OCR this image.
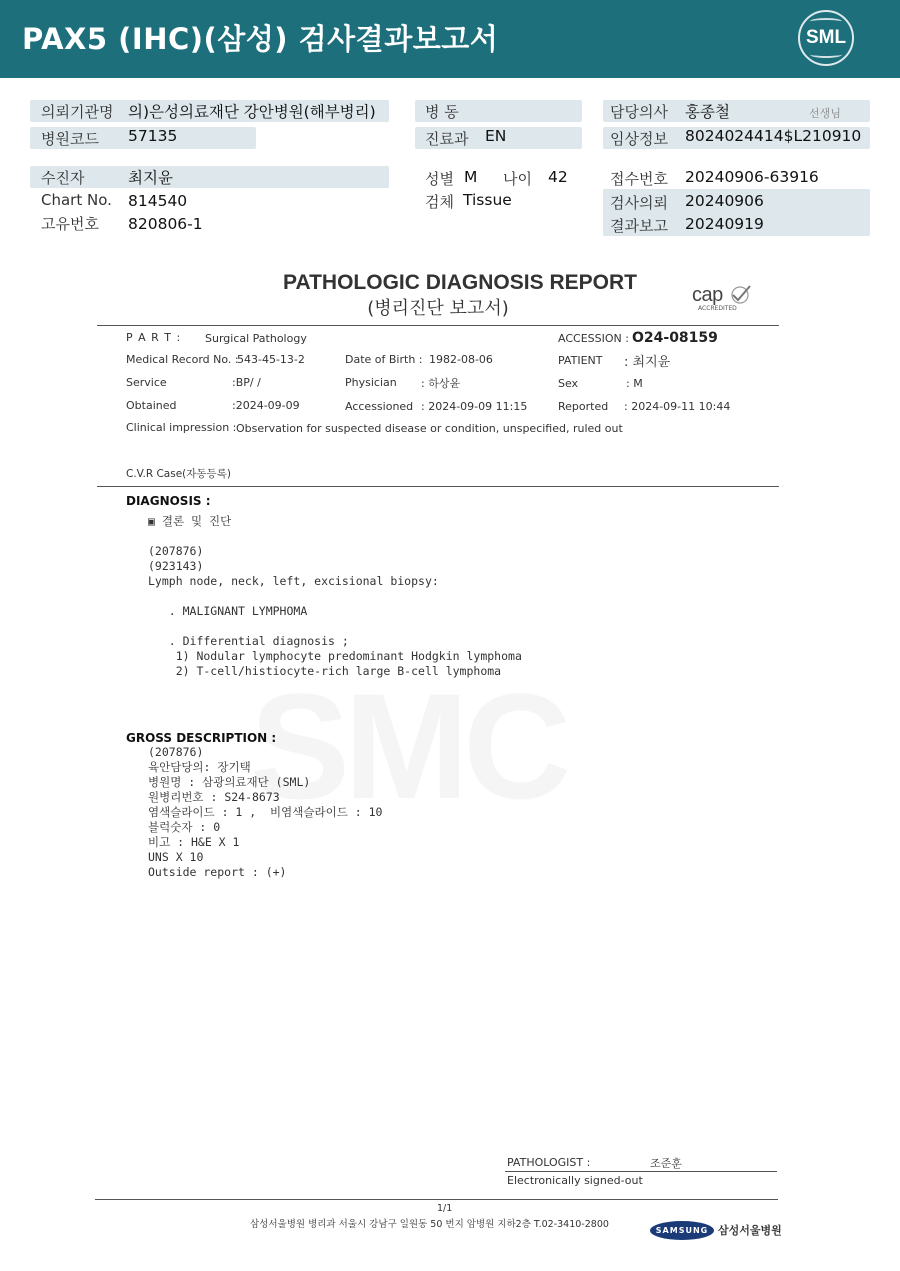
PAX5 (IHC)(삼성) 검사결과보고서	SML
의뢰기관명 의)은성의료재단 강안병원(해부병리)
병원코드 57135
병 동
진료과 EN
담당의사 홍종철	선생님
임상정보 8024024414$L210910
수진자	최지윤
Chart No. 814540
고유번호 820806-1
성별 M 나이 42
검체 Tissue
접수번호 20240906-63916
검사의뢰 20240906
결과보고 20240919
PATHOLOGIC DIAGNOSIS REPORT
(병리진단 보고서)
cap
ACCREDITED
P A R T : Surgical Pathology	ACCESSION : O24-08159
Medical Record No. :
543-45-13-2	Date of Birth : 1982-08-06	PATIENT : 최지윤
Service	:BP/ /	Physician : 하상윤	Sex	: M
Obtained	:2024-09-09	Accessioned : 2024-09-09 11:15	Reported : 2024-09-11 10:44
Clinical impression : Observation for suspected disease or condition, unspecified, ruled out
C.V.R Case(자동등록)
DIAGNOSIS :
▣ 결론 및 진단

(207876)
(923143)
Lymph node, neck, left, excisional biopsy:

. MALIGNANT LYMPHOMA

. Differential diagnosis ;
1) Nodular lymphocyte predominant Hodgkin lymphoma
2) T-cell/histiocyte-rich large B-cell lymphoma
GROSS DESCRIPTION :
(207876)
육안담당의: 장기택
병원명 : 삼광의료재단 (SML)
원병리번호 : S24-8673
염색슬라이드 : 1 ,  비염색슬라이드 : 10
블럭숫자 : 0
비고 : H&E X 1
UNS X 10
Outside report : (+)
PATHOLOGIST :	조준훈
Electronically signed-out
1/1
삼성서울병원 병리과 서울시 강남구 일원동 50 번지 암병원 지하2층 T.02-3410-2800
SAMSUNG 삼성서울병원
